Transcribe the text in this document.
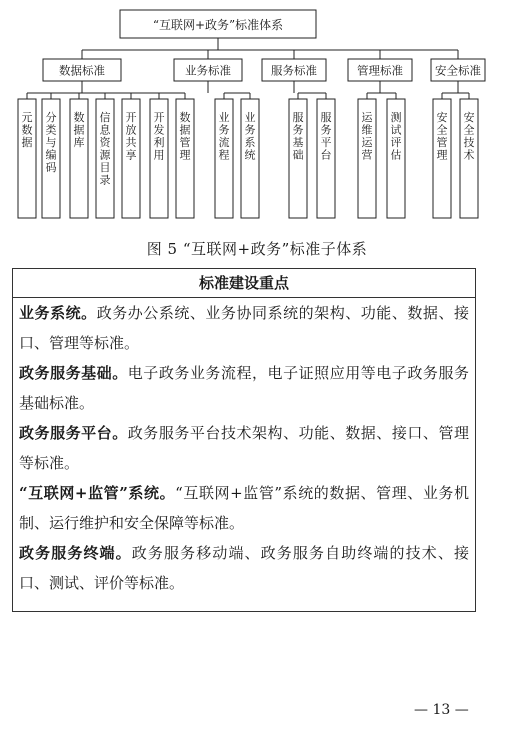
“互联网+政务”标准体系
数据标准
元数据
分类与编码
数据库
信息资源目录
开放共享
开发利用
数据管理
业务标准
业务流程
业务系统
服务标准
服务基础
服务平台
管理标准
运维运营
测试评估
安全标准
安全管理
安全技术
图 5 “互联网+政务”标准子体系
标准建设重点

业务系统。政务办公系统、业务协同系统的架构、功能、数据、接口、管理等标准。

政务服务基础。电子政务业务流程，电子证照应用等电子政务服务基础标准。

政务服务平台。政务服务平台技术架构、功能、数据、接口、管理等标准。

“互联网+监管”系统。“互联网+监管”系统的数据、管理、业务机制、运行维护和安全保障等标准。

政务服务终端。政务服务移动端、政务服务自助终端的技术、接口、测试、评价等标准。

— 13 —
